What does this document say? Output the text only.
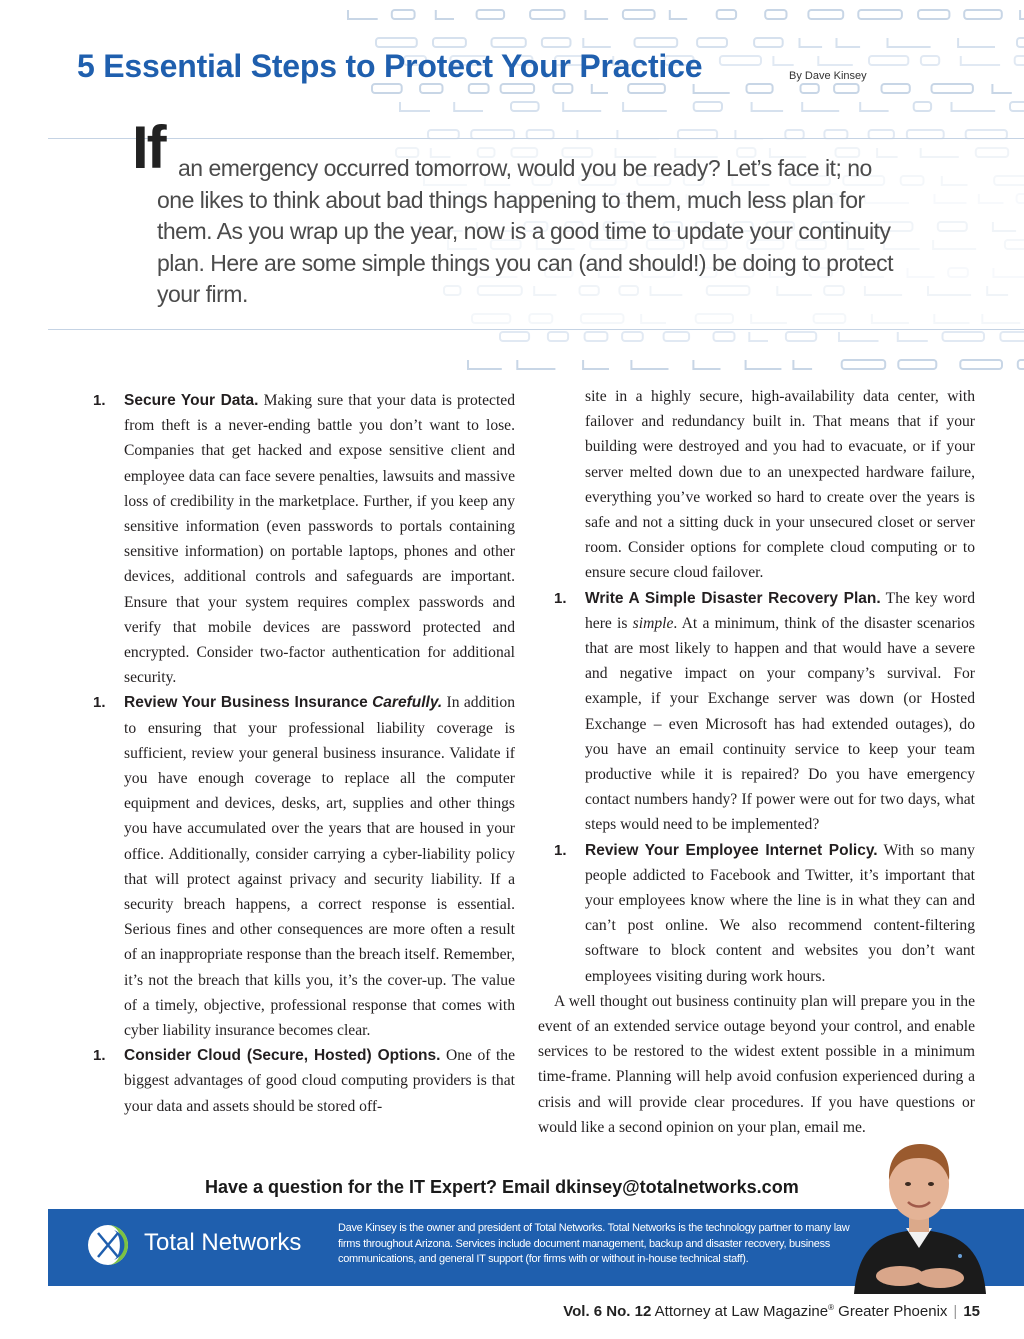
5 Essential Steps to Protect Your Practice	By Dave Kinsey
If an emergency occurred tomorrow, would you be ready? Let’s face it; no one likes to think about bad things happening to them, much less plan for them. As you wrap up the year, now is a good time to update your continuity plan. Here are some simple things you can (and should!) be doing to protect your firm.

1. Secure Your Data. Making sure that your data is protected from theft is a never-ending battle you don’t want to lose. Companies that get hacked and expose sensitive client and employee data can face severe penalties, lawsuits and massive loss of credibility in the marketplace. Further, if you keep any sensitive information (even passwords to portals containing sensitive information) on portable laptops, phones and other devices, additional controls and safeguards are important. Ensure that your system requires complex passwords and verify that mobile devices are password protected and encrypted. Consider two-factor authentication for additional security.

1. Review Your Business Insurance Carefully. In addition to ensuring that your professional liability coverage is sufficient, review your general business insurance. Validate if you have enough coverage to replace all the computer equipment and devices, desks, art, supplies and other things you have accumulated over the years that are housed in your office. Additionally, consider carrying a cyber-liability policy that will protect against privacy and security liability. If a security breach happens, a correct response is essential. Serious fines and other consequences are more often a result of an inappropriate response than the breach itself. Remember, it’s not the breach that kills you, it’s the cover-up. The value of a timely, objective, professional response that comes with cyber liability insurance becomes clear.

1. Consider Cloud (Secure, Hosted) Options. One of the biggest advantages of good cloud computing providers is that your data and assets should be stored off-

site in a highly secure, high-availability data center, with failover and redundancy built in. That means that if your building were destroyed and you had to evacuate, or if your server melted down due to an unexpected hardware failure, everything you’ve worked so hard to create over the years is safe and not a sitting duck in your unsecured closet or server room. Consider options for complete cloud computing or to ensure secure cloud failover.

1. Write A Simple Disaster Recovery Plan. The key word here is simple. At a minimum, think of the disaster scenarios that are most likely to happen and that would have a severe and negative impact on your company’s survival. For example, if your Exchange server was down (or Hosted Exchange – even Microsoft has had extended outages), do you have an email continuity service to keep your team productive while it is repaired? Do you have emergency contact numbers handy? If power were out for two days, what steps would need to be implemented?

1. Review Your Employee Internet Policy. With so many people addicted to Facebook and Twitter, it’s important that your employees know where the line is in what they can and can’t post online. We also recommend content-filtering software to block content and websites you don’t want employees visiting during work hours.

A well thought out business continuity plan will prepare you in the event of an extended service outage beyond your control, and enable services to be restored to the widest extent possible in a minimum time-frame. Planning will help avoid confusion experienced during a crisis and will provide clear procedures. If you have questions or would like a second opinion on your plan, email me.

Have a question for the IT Expert? Email dkinsey@totalnetworks.com
Total Networks

Dave Kinsey is the owner and president of Total Networks. Total Networks is the technology partner to many law firms throughout Arizona. Services include document management, backup and disaster recovery, business communications, and general IT support (for firms with or without in-house technical staff).

Vol. 6 No. 12 Attorney at Law Magazine® Greater Phoenix | 15
